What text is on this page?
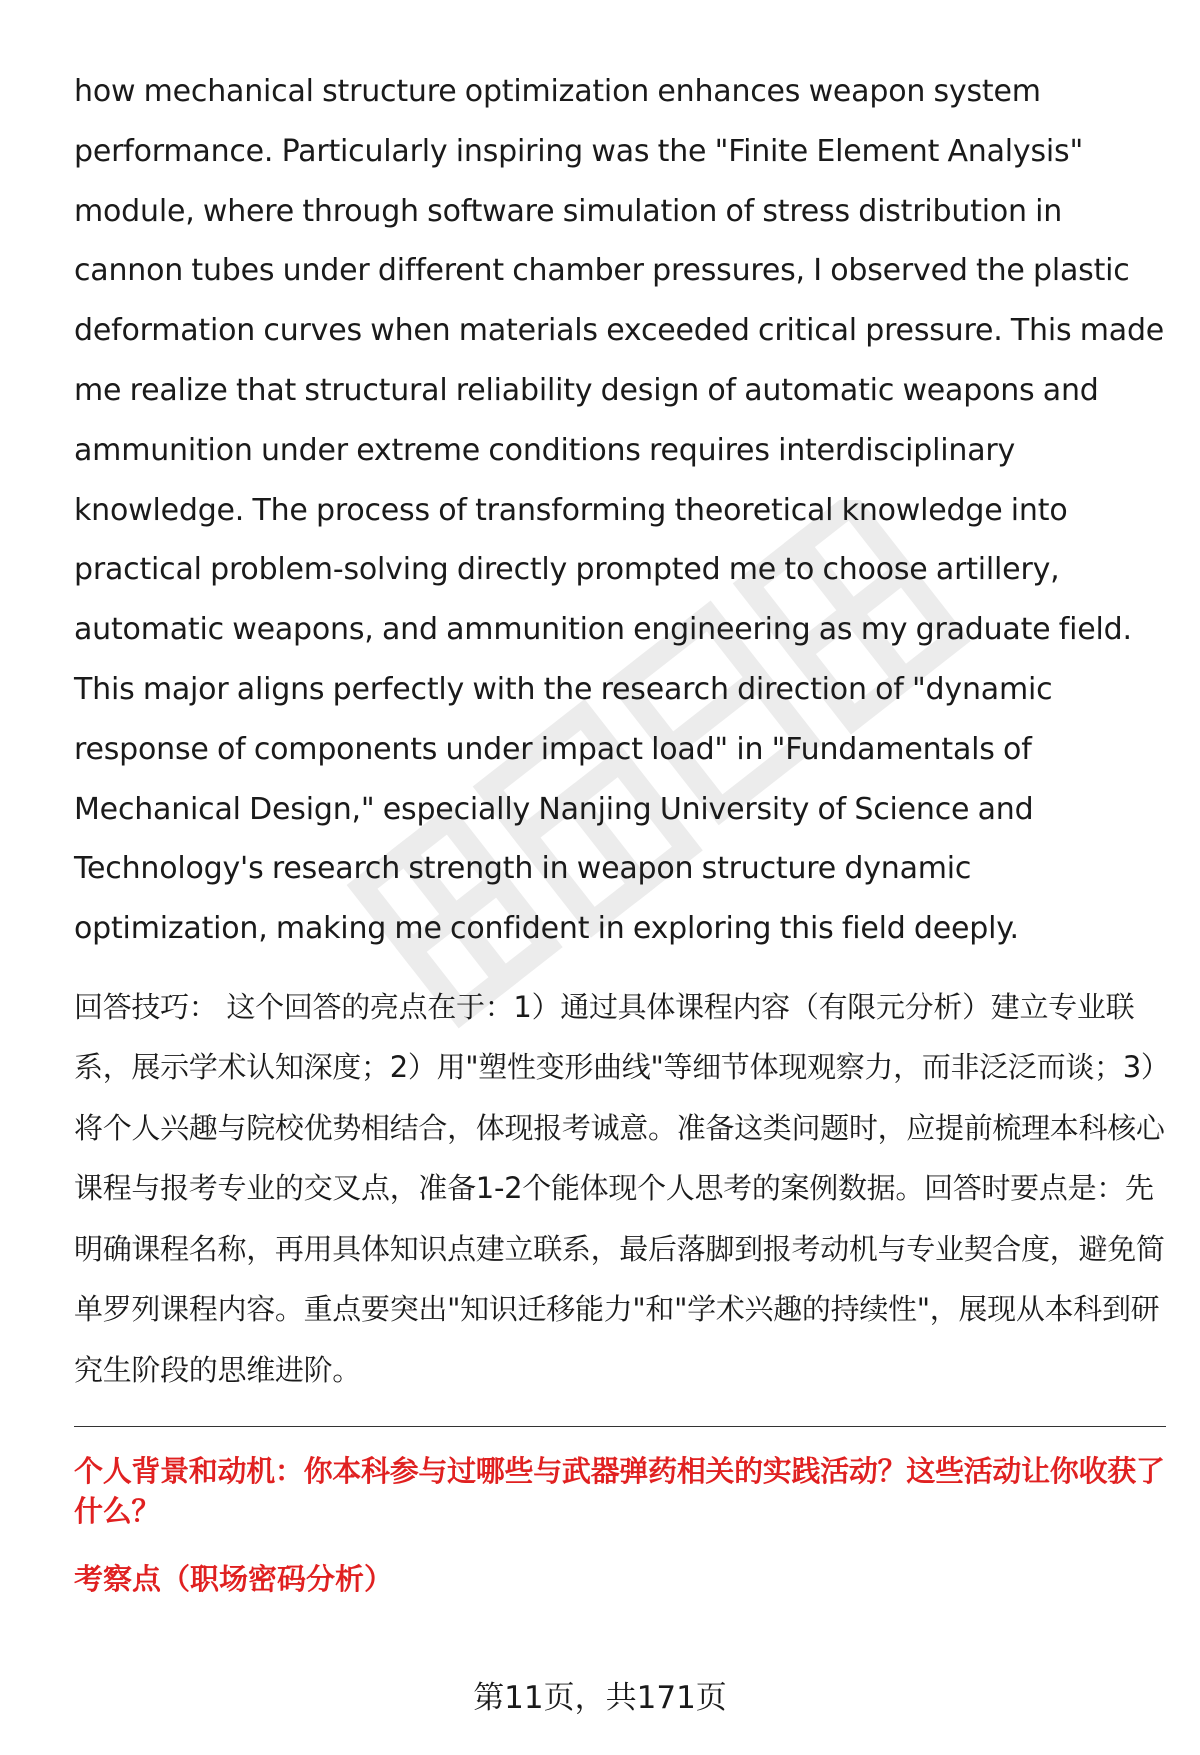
how mechanical structure optimization enhances weapon system performance. Particularly inspiring was the "Finite Element Analysis" module, where through software simulation of stress distribution in cannon tubes under different chamber pressures, I observed the plastic deformation curves when materials exceeded critical pressure. This made me realize that structural reliability design of automatic weapons and ammunition under extreme conditions requires interdisciplinary knowledge. The process of transforming theoretical knowledge into practical problem-solving directly prompted me to choose artillery, automatic weapons, and ammunition engineering as my graduate field. This major aligns perfectly with the research direction of "dynamic response of components under impact load" in "Fundamentals of Mechanical Design," especially Nanjing University of Science and Technology's research strength in weapon structure dynamic optimization, making me confident in exploring this field deeply.

回答技巧： 这个回答的亮点在于：1）通过具体课程内容（有限元分析）建立专业联系，展示学术认知深度；2）用"塑性变形曲线"等细节体现观察力，而非泛泛而谈；3）将个人兴趣与院校优势相结合，体现报考诚意。准备这类问题时，应提前梳理本科核心课程与报考专业的交叉点，准备1-2个能体现个人思考的案例数据。回答时要点是：先明确课程名称，再用具体知识点建立联系，最后落脚到报考动机与专业契合度，避免简单罗列课程内容。重点要突出"知识迁移能力"和"学术兴趣的持续性"，展现从本科到研究生阶段的思维进阶。

个人背景和动机：你本科参与过哪些与武器弹药相关的实践活动？这些活动让你收获了什么？
考察点（职场密码分析）
第11页，共171页
